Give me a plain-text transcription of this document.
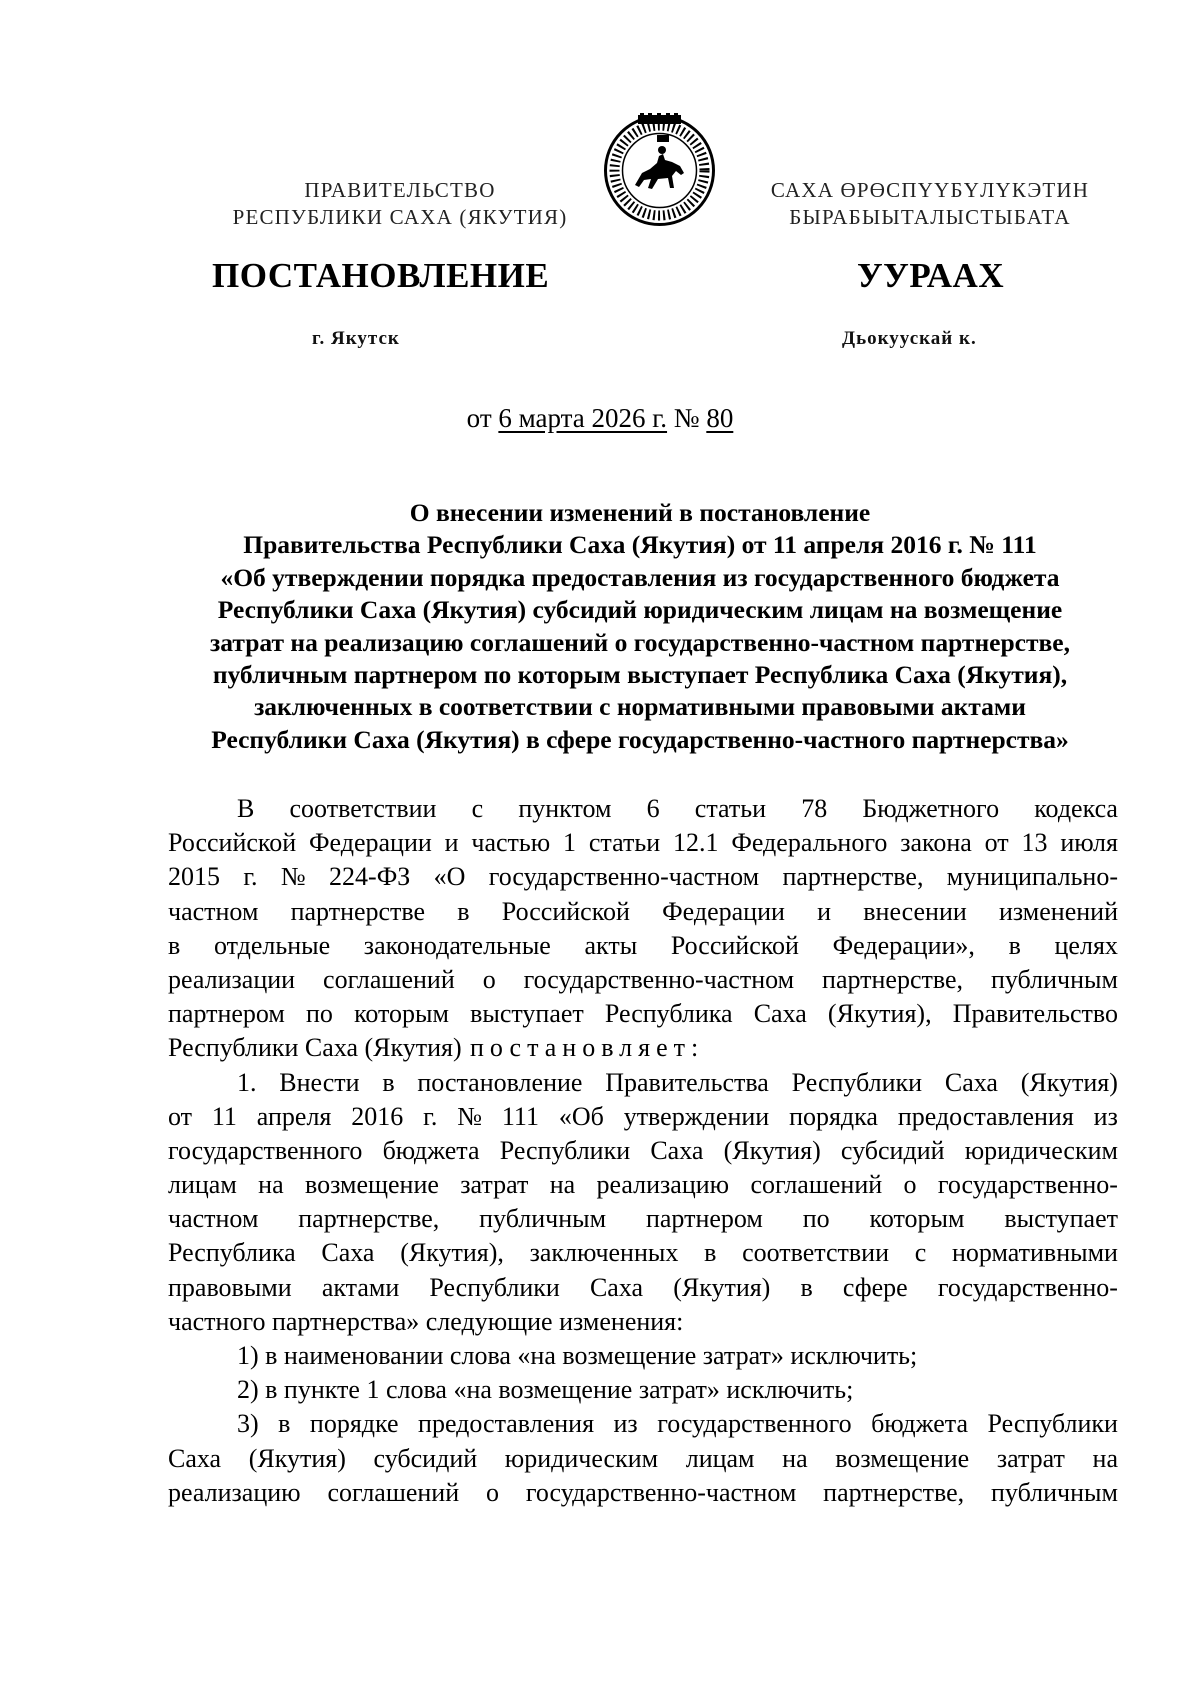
ПРАВИТЕЛЬСТВО
РЕСПУБЛИКИ САХА (ЯКУТИЯ)
САХА ӨРӨСПҮҮБҮЛҮКЭТИН
БЫРАБЫЫТАЛЫСТЫБАТА
ПОСТАНОВЛЕНИЕ	УУРААХ
г. Якутск	Дьокуускай к.
от 6 марта 2026 г. № 80
О внесении изменений в постановление
Правительства Республики Саха (Якутия) от 11 апреля 2016 г. № 111
«Об утверждении порядка предоставления из государственного бюджета
Республики Саха (Якутия) субсидий юридическим лицам на возмещение
затрат на реализацию соглашений о государственно-частном партнерстве,
публичным партнером по которым выступает Республика Саха (Якутия),
заключенных в соответствии с нормативными правовыми актами
Республики Саха (Якутия) в сфере государственно-частного партнерства»
В соответствии с пунктом 6 статьи 78 Бюджетного кодекса
Российской Федерации и частью 1 статьи 12.1 Федерального закона от 13 июля
2015 г. № 224-ФЗ «О государственно-частном партнерстве, муниципально-
частном партнерстве в Российской Федерации и внесении изменений
в отдельные законодательные акты Российской Федерации», в целях
реализации соглашений о государственно-частном партнерстве, публичным
партнером по которым выступает Республика Саха (Якутия), Правительство
Республики Саха (Якутия) постановляет:
1. Внести в постановление Правительства Республики Саха (Якутия)
от 11 апреля 2016 г. № 111 «Об утверждении порядка предоставления из
государственного бюджета Республики Саха (Якутия) субсидий юридическим
лицам на возмещение затрат на реализацию соглашений о государственно-
частном партнерстве, публичным партнером по которым выступает
Республика Саха (Якутия), заключенных в соответствии с нормативными
правовыми актами Республики Саха (Якутия) в сфере государственно-
частного партнерства» следующие изменения:
1) в наименовании слова «на возмещение затрат» исключить;
2) в пункте 1 слова «на возмещение затрат» исключить;
3) в порядке предоставления из государственного бюджета Республики
Саха (Якутия) субсидий юридическим лицам на возмещение затрат на
реализацию соглашений о государственно-частном партнерстве, публичным
